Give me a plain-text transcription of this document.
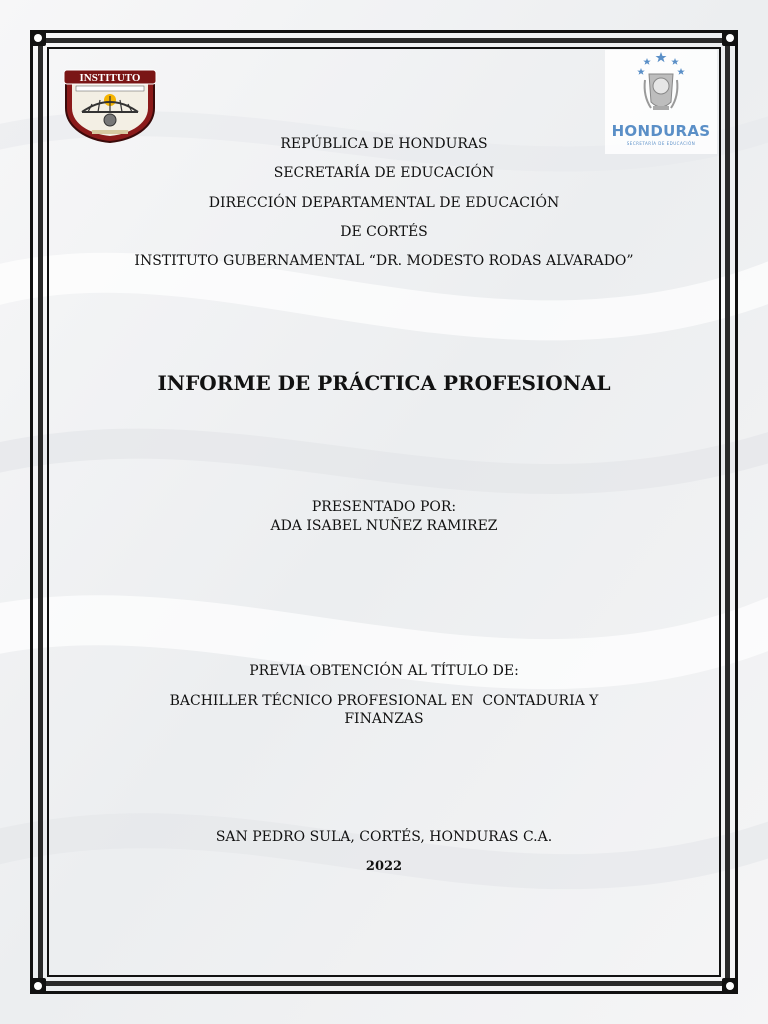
INSTITUTO
HONDURAS
SECRETARÍA DE EDUCACIÓN
REPÚBLICA DE HONDURAS
SECRETARÍA DE EDUCACIÓN
DIRECCIÓN DEPARTAMENTAL DE EDUCACIÓN
DE CORTÉS
INSTITUTO GUBERNAMENTAL “DR. MODESTO RODAS ALVARADO”
INFORME DE PRÁCTICA PROFESIONAL
PRESENTADO POR:
ADA ISABEL NUÑEZ RAMIREZ
PREVIA OBTENCIÓN AL TÍTULO DE:
BACHILLER TÉCNICO PROFESIONAL EN  CONTADURIA Y
FINANZAS
SAN PEDRO SULA, CORTÉS, HONDURAS C.A.
2022
